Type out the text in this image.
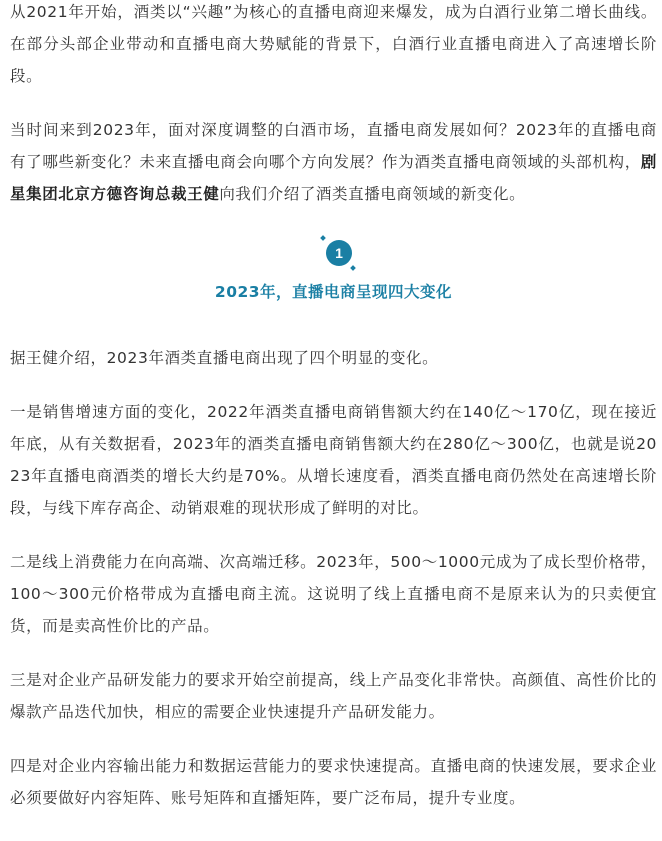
从2021年开始，酒类以“兴趣”为核心的直播电商迎来爆发，成为白酒行业第二增长曲线。在部分头部企业带动和直播电商大势赋能的背景下，白酒行业直播电商进入了高速增长阶段。

当时间来到2023年，面对深度调整的白酒市场，直播电商发展如何？2023年的直播电商有了哪些新变化？未来直播电商会向哪个方向发展？作为酒类直播电商领域的头部机构，剧星集团北京方德咨询总裁王健向我们介绍了酒类直播电商领域的新变化。

1
2023年，直播电商呈现四大变化

据王健介绍，2023年酒类直播电商出现了四个明显的变化。

一是销售增速方面的变化，2022年酒类直播电商销售额大约在140亿～170亿，现在接近年底，从有关数据看，2023年的酒类直播电商销售额大约在280亿～300亿，也就是说2023年直播电商酒类的增长大约是70%。从增长速度看，酒类直播电商仍然处在高速增长阶段，与线下库存高企、动销艰难的现状形成了鲜明的对比。

二是线上消费能力在向高端、次高端迁移。2023年，500～1000元成为了成长型价格带，100～300元价格带成为直播电商主流。这说明了线上直播电商不是原来认为的只卖便宜货，而是卖高性价比的产品。

三是对企业产品研发能力的要求开始空前提高，线上产品变化非常快。高颜值、高性价比的爆款产品迭代加快，相应的需要企业快速提升产品研发能力。

四是对企业内容输出能力和数据运营能力的要求快速提高。直播电商的快速发展，要求企业必须要做好内容矩阵、账号矩阵和直播矩阵，要广泛布局，提升专业度。
